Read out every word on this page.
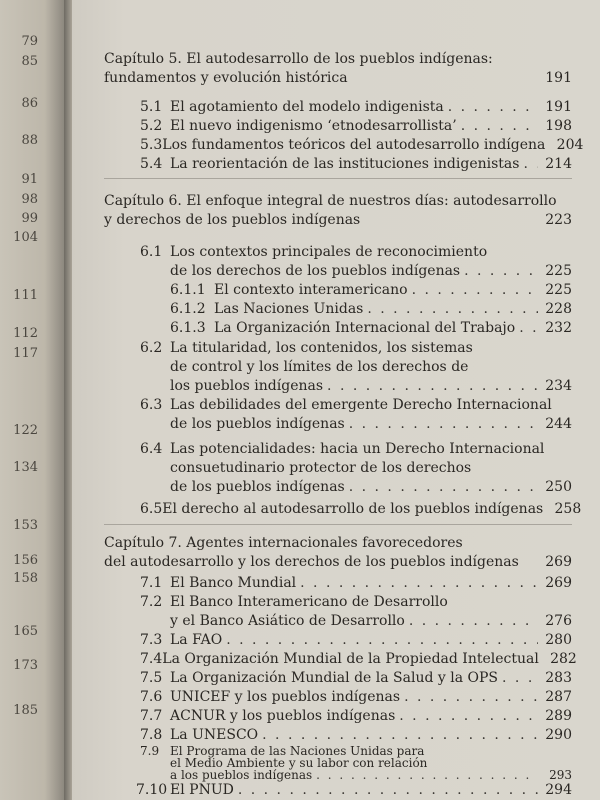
79
85
86
88
91
98
99
104
111
112
117
122
134
153
156
158
165
173
185
Capítulo 5. El autodesarrollo de los pueblos indígenas:
fundamentos y evolución histórica	191
5.1 El agotamiento del modelo indigenista . . .	191
5.2 El nuevo indigenismo ‘etnodesarrollista’ . . .	198
5.3 Los fundamentos teóricos del autodesarrollo indígena 204
5.4 La reorientación de las instituciones indigenistas . . . 214
Capítulo 6. El enfoque integral de nuestros días: autodesarrollo
y derechos de los pueblos indígenas	223
6.1 Los contextos principales de reconocimiento
de los derechos de los pueblos indígenas . . .	225
6.1.1 El contexto interamericano . . .	225
6.1.2 Las Naciones Unidas . . .	228
6.1.3 La Organización Internacional del Trabajo . . . 232
6.2 La titularidad, los contenidos, los sistemas
de control y los límites de los derechos de
los pueblos indígenas . . .	234
6.3 Las debilidades del emergente Derecho Internacional
de los pueblos indígenas . . .	244
6.4 Las potencialidades: hacia un Derecho Internacional
consuetudinario protector de los derechos
de los pueblos indígenas . . .	250
6.5 El derecho al autodesarrollo de los pueblos indígenas 258
Capítulo 7. Agentes internacionales favorecedores
del autodesarrollo y los derechos de los pueblos indígenas 269
7.1 El Banco Mundial . . .	269
7.2 El Banco Interamericano de Desarrollo
y el Banco Asiático de Desarrollo . . .	276
7.3 La FAO . . .	280
7.4 La Organización Mundial de la Propiedad Intelectual 282
7.5 La Organización Mundial de la Salud y la OPS . . .	283
7.6 UNICEF y los pueblos indígenas . . .	287
7.7 ACNUR y los pueblos indígenas . . .	289
7.8 La UNESCO . . .	290
7.9 El Programa de las Naciones Unidas para
el Medio Ambiente y su labor con relación
a los pueblos indígenas . . .	293
7.10 El PNUD . . .	294
